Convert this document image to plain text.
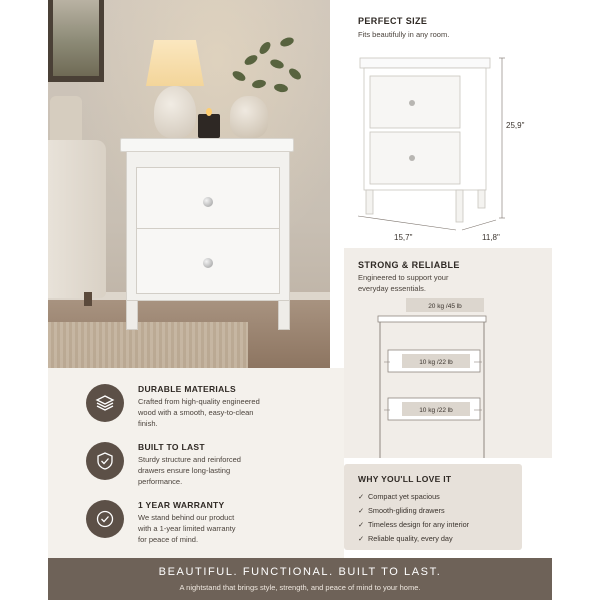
PERFECT SIZE
Fits beautifully in any room.
25,9"
15,7"	11,8"
STRONG & RELIABLE
Engineered to support your
everyday essentials.
20 kg /45 lb
10 kg /22 lb
10 kg /22 lb
DURABLE MATERIALS
Crafted from high-quality engineered
wood with a smooth, easy-to-clean
finish.
BUILT TO LAST
Sturdy structure and reinforced
drawers ensure long-lasting
performance.
1 YEAR WARRANTY
We stand behind our product
with a 1-year limited warranty
for peace of mind.
WHY YOU'LL LOVE IT
✓ Compact yet spacious
✓ Smooth-gliding drawers
✓ Timeless design for any interior
✓ Reliable quality, every day
BEAUTIFUL. FUNCTIONAL. BUILT TO LAST.
A nightstand that brings style, strength, and peace of mind to your home.
